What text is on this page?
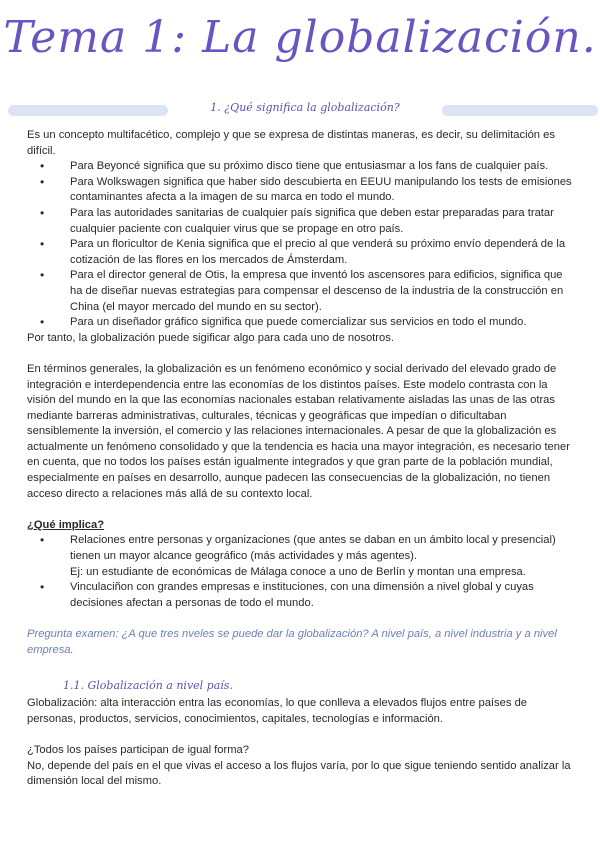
Tema 1: La globalización.
1. ¿Qué significa la globalización?

Es un concepto multifacético, complejo y que se expresa de distintas maneras, es decir, su delimitación es difícil.

• Para Beyoncé significa que su próximo disco tiene que entusiasmar a los fans de cualquier país.
• Para Wolkswagen significa que haber sido descubierta en EEUU manipulando los tests de emisiones contaminantes afecta a la imagen de su marca en todo el mundo.
• Para las autoridades sanitarias de cualquier país significa que deben estar preparadas para tratar cualquier paciente con cualquier virus que se propage en otro país.
• Para un floricultor de Kenia significa que el precio al que venderá su próximo envío dependerá de la cotización de las flores en los mercados de Ámsterdam.
• Para el director general de Otis, la empresa que inventó los ascensores para edificios, significa que ha de diseñar nuevas estrategias para compensar el descenso de la industria de la construcción en China (el mayor mercado del mundo en su sector).
• Para un diseñador gráfico significa que puede comercializar sus servicios en todo el mundo.

Por tanto, la globalización puede sigificar algo para cada uno de nosotros.

En términos generales, la globalización es un fenómeno económico y social derivado del elevado grado de integración e interdependencia entre las economías de los distintos países. Este modelo contrasta con la visión del mundo en la que las economías nacionales estaban relativamente aisladas las unas de las otras mediante barreras administrativas, culturales, técnicas y geográficas que impedían o dificultaban sensiblemente la inversión, el comercio y las relaciones internacionales. A pesar de que la globalización es actualmente un fenómeno consolidado y que la tendencia es hacia una mayor integración, es necesario tener en cuenta, que no todos los países están igualmente integrados y que gran parte de la población mundial, especialmente en países en desarrollo, aunque padecen las consecuencias de la globalización, no tienen acceso directo a relaciones más allá de su contexto local.

¿Qué implica?

• Relaciones entre personas y organizaciones (que antes se daban en un ámbito local y presencial) tienen un mayor alcance geográfico (más actividades y más agentes).
Ej: un estudiante de económicas de Málaga conoce a uno de Berlín y montan una empresa.
• Vinculaciñon con grandes empresas e instituciones, con una dimensión a nivel global y cuyas decisiones afectan a personas de todo el mundo.

Pregunta examen: ¿A que tres nveles se puede dar la globalización? A nivel país, a nivel industria y a nivel empresa.

1.1. Globalización a nivel país.

Globalización: alta interacción entra las economías, lo que conlleva a elevados flujos entre países de personas, productos, servicios, conocimientos, capitales, tecnologías e información.

¿Todos los países participan de igual forma?

No, depende del país en el que vivas el acceso a los flujos varía, por lo que sigue teniendo sentido analizar la dimensión local del mismo.
